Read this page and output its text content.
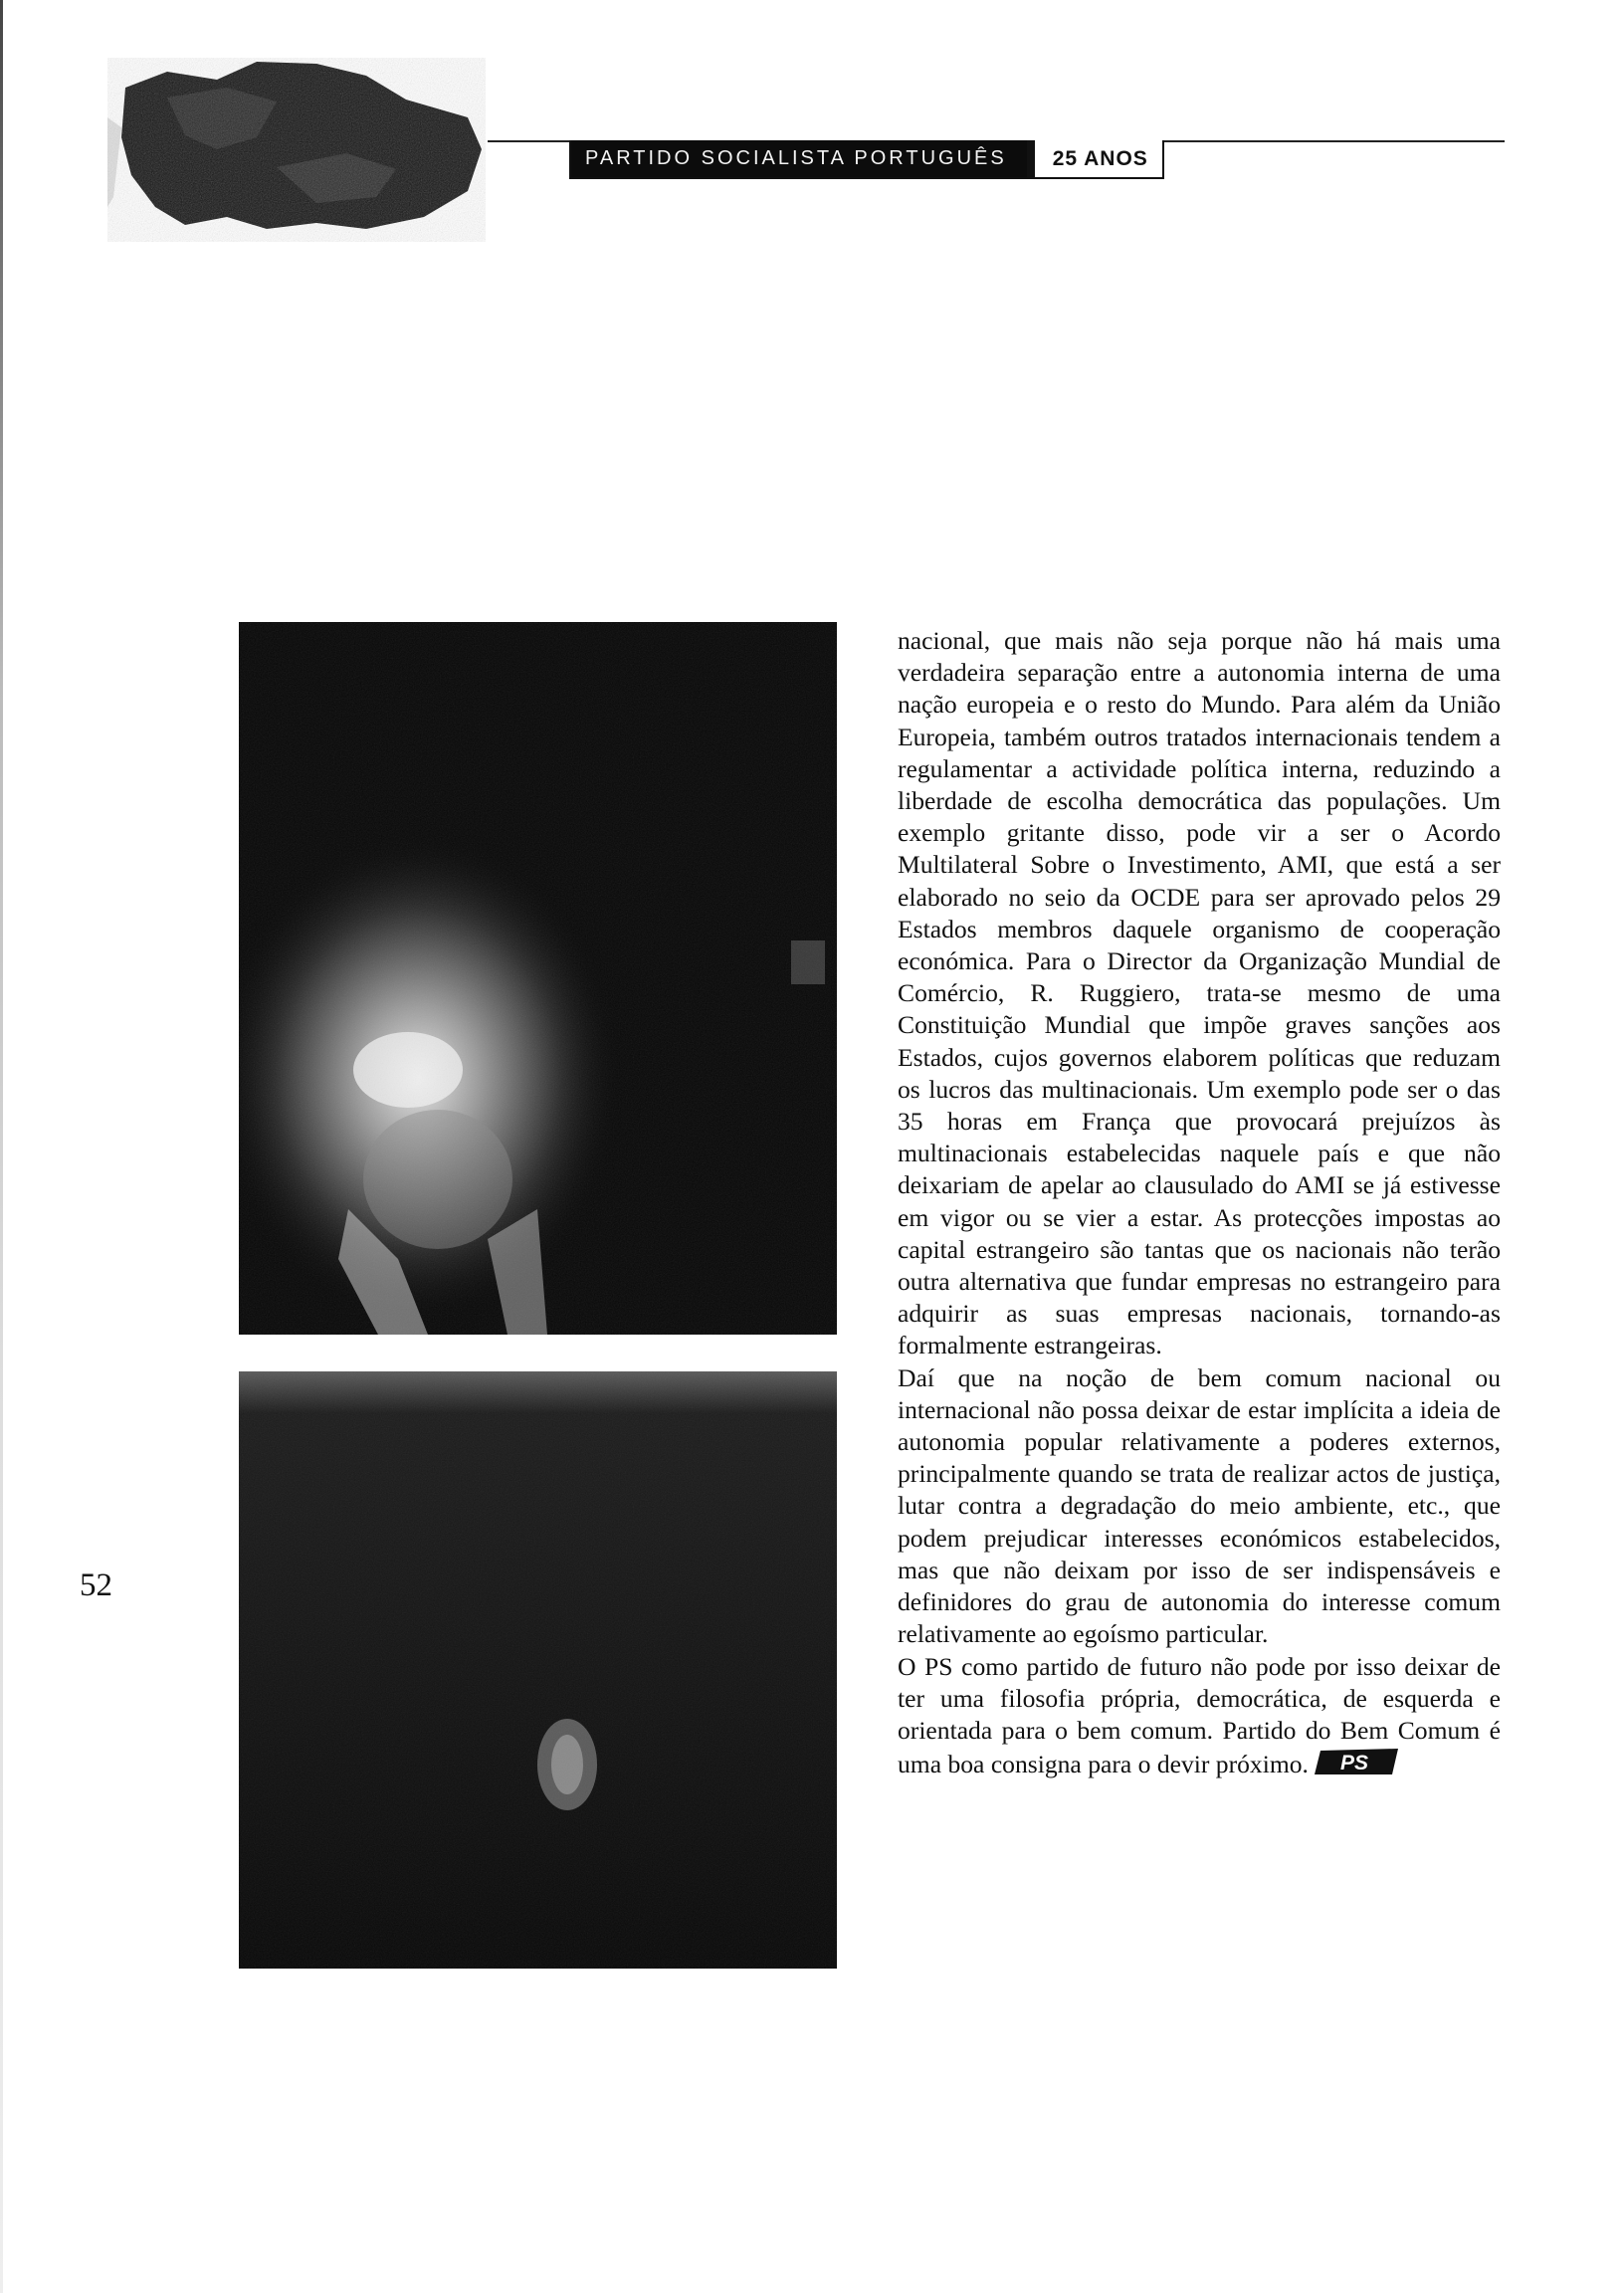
PARTIDO SOCIALISTA PORTUGUÊS	25 ANOS
52

nacional, que mais não seja porque não há mais uma verdadeira separação entre a autonomia interna de uma nação europeia e o resto do Mundo. Para além da União Europeia, também outros tratados internacionais tendem a regulamentar a actividade política interna, reduzindo a liberdade de escolha democrática das populações. Um exemplo gritante disso, pode vir a ser o Acordo Multilateral Sobre o Investimento, AMI, que está a ser elaborado no seio da OCDE para ser aprovado pelos 29 Estados membros daquele organismo de cooperação económica. Para o Director da Organização Mundial de Comércio, R. Ruggiero, trata-se mesmo de uma Constituição Mundial que impõe graves sanções aos Estados, cujos governos elaborem políticas que reduzam os lucros das multinacionais. Um exemplo pode ser o das 35 horas em França que provocará prejuízos às multinacionais estabelecidas naquele país e que não deixariam de apelar ao clausulado do AMI se já estivesse em vigor ou se vier a estar. As protecções impostas ao capital estrangeiro são tantas que os nacionais não terão outra alternativa que fundar empresas no estrangeiro para adquirir as suas empresas nacionais, tornando-as formalmente estrangeiras.

Daí que na noção de bem comum nacional ou internacional não possa deixar de estar implícita a ideia de autonomia popular relativamente a poderes externos, principalmente quando se trata de realizar actos de justiça, lutar contra a degradação do meio ambiente, etc., que podem prejudicar interesses económicos estabelecidos, mas que não deixam por isso de ser indispensáveis e definidores do grau de autonomia do interesse comum relativamente ao egoísmo particular.

O PS como partido de futuro não pode por isso deixar de ter uma filosofia própria, democrática, de esquerda e orientada para o bem comum. Partido do Bem Comum é uma boa consigna para o devir próximo. PS
